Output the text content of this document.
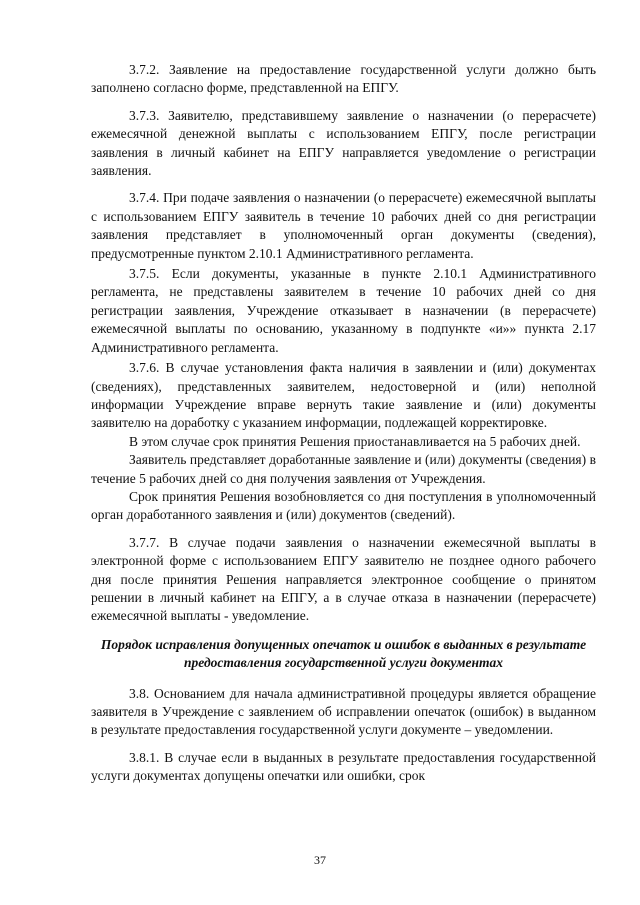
3.7.2. Заявление на предоставление государственной услуги должно быть заполнено согласно форме, представленной на ЕПГУ.

3.7.3. Заявителю, представившему заявление о назначении (о перерасчете) ежемесячной денежной выплаты с использованием ЕПГУ, после регистрации заявления в личный кабинет на ЕПГУ направляется уведомление о регистрации заявления.

3.7.4. При подаче заявления о назначении (о перерасчете) ежемесячной выплаты с использованием ЕПГУ заявитель в течение 10 рабочих дней со дня регистрации заявления представляет в уполномоченный орган документы (сведения), предусмотренные пунктом 2.10.1 Административного регламента.

3.7.5. Если документы, указанные в пункте 2.10.1 Административного регламента, не представлены заявителем в течение 10 рабочих дней со дня регистрации заявления, Учреждение отказывает в назначении (в перерасчете) ежемесячной выплаты по основанию, указанному в подпункте «и»» пункта 2.17 Административного регламента.

3.7.6. В случае установления факта наличия в заявлении и (или) документах (сведениях), представленных заявителем, недостоверной и (или) неполной информации Учреждение вправе вернуть такие заявление и (или) документы заявителю на доработку с указанием информации, подлежащей корректировке.

В этом случае срок принятия Решения приостанавливается на 5 рабочих дней.

Заявитель представляет доработанные заявление и (или) документы (сведения) в течение 5 рабочих дней со дня получения заявления от Учреждения.

Срок принятия Решения возобновляется со дня поступления в уполномоченный орган доработанного заявления и (или) документов (сведений).

3.7.7. В случае подачи заявления о назначении ежемесячной выплаты в электронной форме с использованием ЕПГУ заявителю не позднее одного рабочего дня после принятия Решения направляется электронное сообщение о принятом решении в личный кабинет на ЕПГУ, а в случае отказа в назначении (перерасчете) ежемесячной выплаты - уведомление.

Порядок исправления допущенных опечаток и ошибок в выданных в результате предоставления государственной услуги документах

3.8. Основанием для начала административной процедуры является обращение заявителя в Учреждение с заявлением об исправлении опечаток (ошибок) в выданном в результате предоставления государственной услуги документе – уведомлении.

3.8.1. В случае если в выданных в результате предоставления государственной услуги документах допущены опечатки или ошибки, срок

37
